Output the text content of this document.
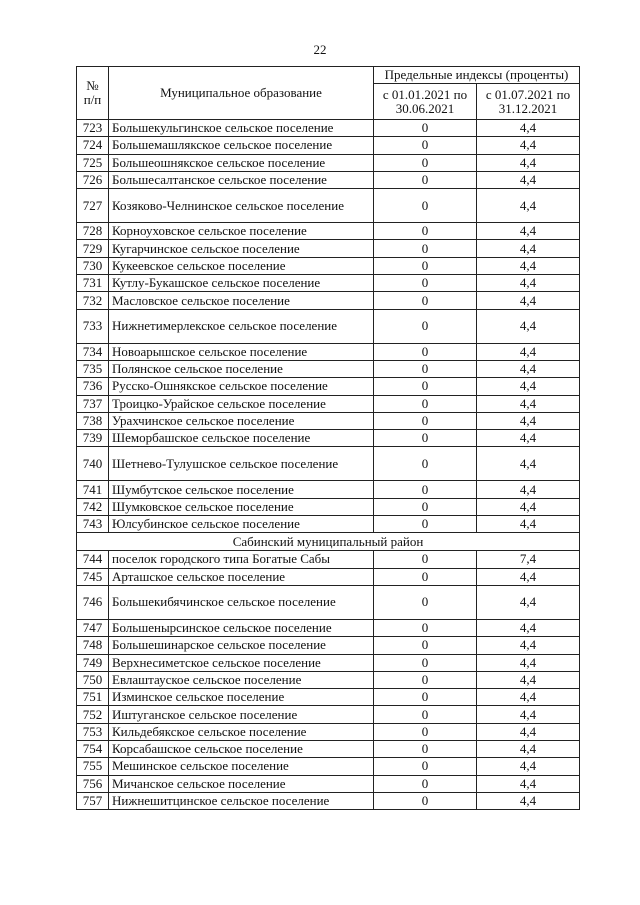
22
№ п/п	Муниципальное образование	Предельные индексы (проценты)	
		с 01.01.2021 по 30.06.2021	с 01.07.2021 по 31.12.2021
723	Большекульгинское сельское поселение	0	4,4
724	Большемашлякское сельское поселение	0	4,4
725	Большеошнякское сельское поселение	0	4,4
726	Большесалтанское сельское поселение	0	4,4
727	Козяково-Челнинское сельское поселение	0	4,4
728	Корноуховское сельское поселение	0	4,4
729	Кугарчинское сельское поселение	0	4,4
730	Кукеевское сельское поселение	0	4,4
731	Кутлу-Букашское сельское поселение	0	4,4
732	Масловское сельское поселение	0	4,4
733	Нижнетимерлекское сельское поселение	0	4,4
734	Новоарышское сельское поселение	0	4,4
735	Полянское сельское поселение	0	4,4
736	Русско-Ошнякское сельское поселение	0	4,4
737	Троицко-Урайское сельское поселение	0	4,4
738	Урахчинское сельское поселение	0	4,4
739	Шеморбашское сельское поселение	0	4,4
740	Шетнево-Тулушское сельское поселение	0	4,4
741	Шумбутское сельское поселение	0	4,4
742	Шумковское сельское поселение	0	4,4
743	Юлсубинское сельское поселение	0	4,4
Сабинский муниципальный район			
744	поселок городского типа Богатые Сабы	0	7,4
745	Арташское сельское поселение	0	4,4
746	Большекибячинское сельское поселение	0	4,4
747	Большенырсинское сельское поселение	0	4,4
748	Большешинарское сельское поселение	0	4,4
749	Верхнесиметское сельское поселение	0	4,4
750	Евлаштауское сельское поселение	0	4,4
751	Изминское сельское поселение	0	4,4
752	Иштуганское сельское поселение	0	4,4
753	Кильдебякское сельское поселение	0	4,4
754	Корсабашское сельское поселение	0	4,4
755	Мешинское сельское поселение	0	4,4
756	Мичанское сельское поселение	0	4,4
757	Нижнешитцинское сельское поселение	0	4,4
